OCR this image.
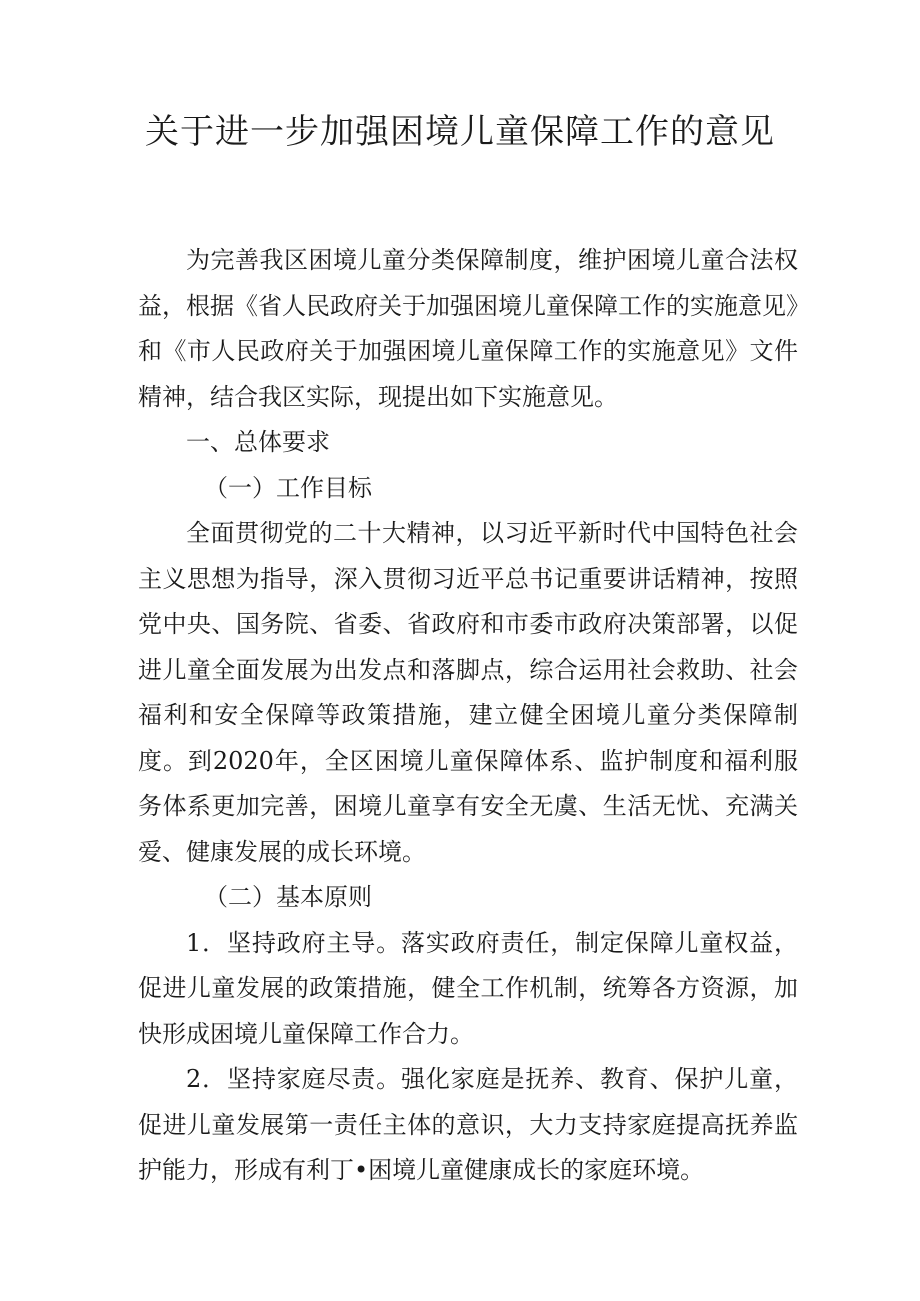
关于进一步加强困境儿童保障工作的意见

为完善我区困境儿童分类保障制度，维护困境儿童合法权益，根据《省人民政府关于加强困境儿童保障工作的实施意见》和《市人民政府关于加强困境儿童保障工作的实施意见》文件精神，结合我区实际，现提出如下实施意见。

一、总体要求

（一）工作目标

全面贯彻党的二十大精神，以习近平新时代中国特色社会主义思想为指导，深入贯彻习近平总书记重要讲话精神，按照党中央、国务院、省委、省政府和市委市政府决策部署，以促进儿童全面发展为出发点和落脚点，综合运用社会救助、社会福利和安全保障等政策措施，建立健全困境儿童分类保障制度。到2020年，全区困境儿童保障体系、监护制度和福利服务体系更加完善，困境儿童享有安全无虞、生活无忧、充满关爱、健康发展的成长环境。

（二）基本原则

1．坚持政府主导。落实政府责任，制定保障儿童权益，促进儿童发展的政策措施，健全工作机制，统筹各方资源，加快形成困境儿童保障工作合力。

2．坚持家庭尽责。强化家庭是抚养、教育、保护儿童，促进儿童发展第一责任主体的意识，大力支持家庭提高抚养监护能力，形成有利丁•困境儿童健康成长的家庭环境。
